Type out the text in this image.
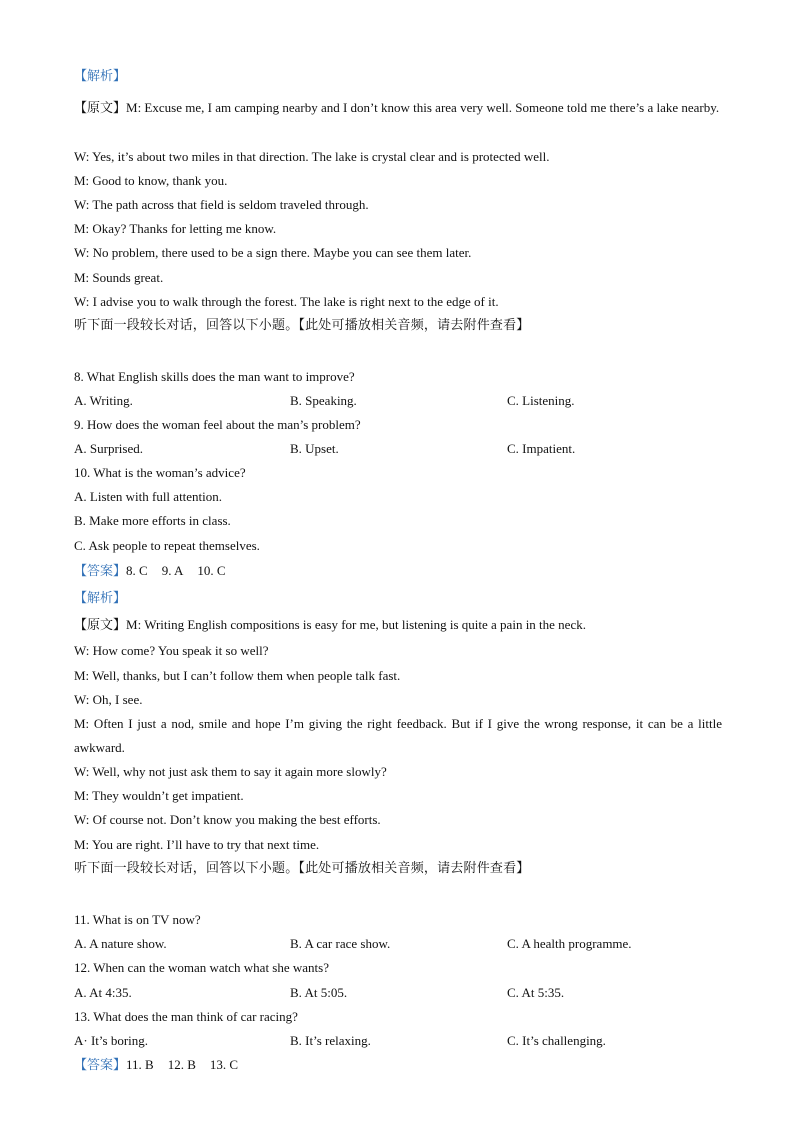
【解析】
【原文】M: Excuse me, I am camping nearby and I don’t know this area very well. Someone told me there’s a lake nearby.
W: Yes, it’s about two miles in that direction. The lake is crystal clear and is protected well.
M: Good to know, thank you.
W: The path across that field is seldom traveled through.
M: Okay? Thanks for letting me know.
W: No problem, there used to be a sign there. Maybe you can see them later.
M: Sounds great.
W: I advise you to walk through the forest. The lake is right next to the edge of it.
听下面一段较长对话，回答以下小题。【此处可播放相关音频，请去附件查看】
8. What English skills does the man want to improve?
A. Writing.	B. Speaking.	C. Listening.
9. How does the woman feel about the man’s problem?
A. Surprised.	B. Upset.	C. Impatient.
10. What is the woman’s advice?
A. Listen with full attention.
B. Make more efforts in class.
C. Ask people to repeat themselves.
【答案】8. C 9. A 10. C
【解析】
【原文】M: Writing English compositions is easy for me, but listening is quite a pain in the neck.
W: How come? You speak it so well?
M: Well, thanks, but I can’t follow them when people talk fast.
W: Oh, I see.
M: Often I just a nod, smile and hope I’m giving the right feedback. But if I give the wrong response, it can be a little awkward.
W: Well, why not just ask them to say it again more slowly?
M: They wouldn’t get impatient.
W: Of course not. Don’t know you making the best efforts.
M: You are right. I’ll have to try that next time.
听下面一段较长对话，回答以下小题。【此处可播放相关音频，请去附件查看】
11. What is on TV now?
A. A nature show.	B. A car race show.	C. A health programme.
12. When can the woman watch what she wants?
A. At 4:35.	B. At 5:05.	C. At 5:35.
13. What does the man think of car racing?
A· It’s boring.	B. It’s relaxing.	C. It’s challenging.
【答案】11. B 12. B 13. C
